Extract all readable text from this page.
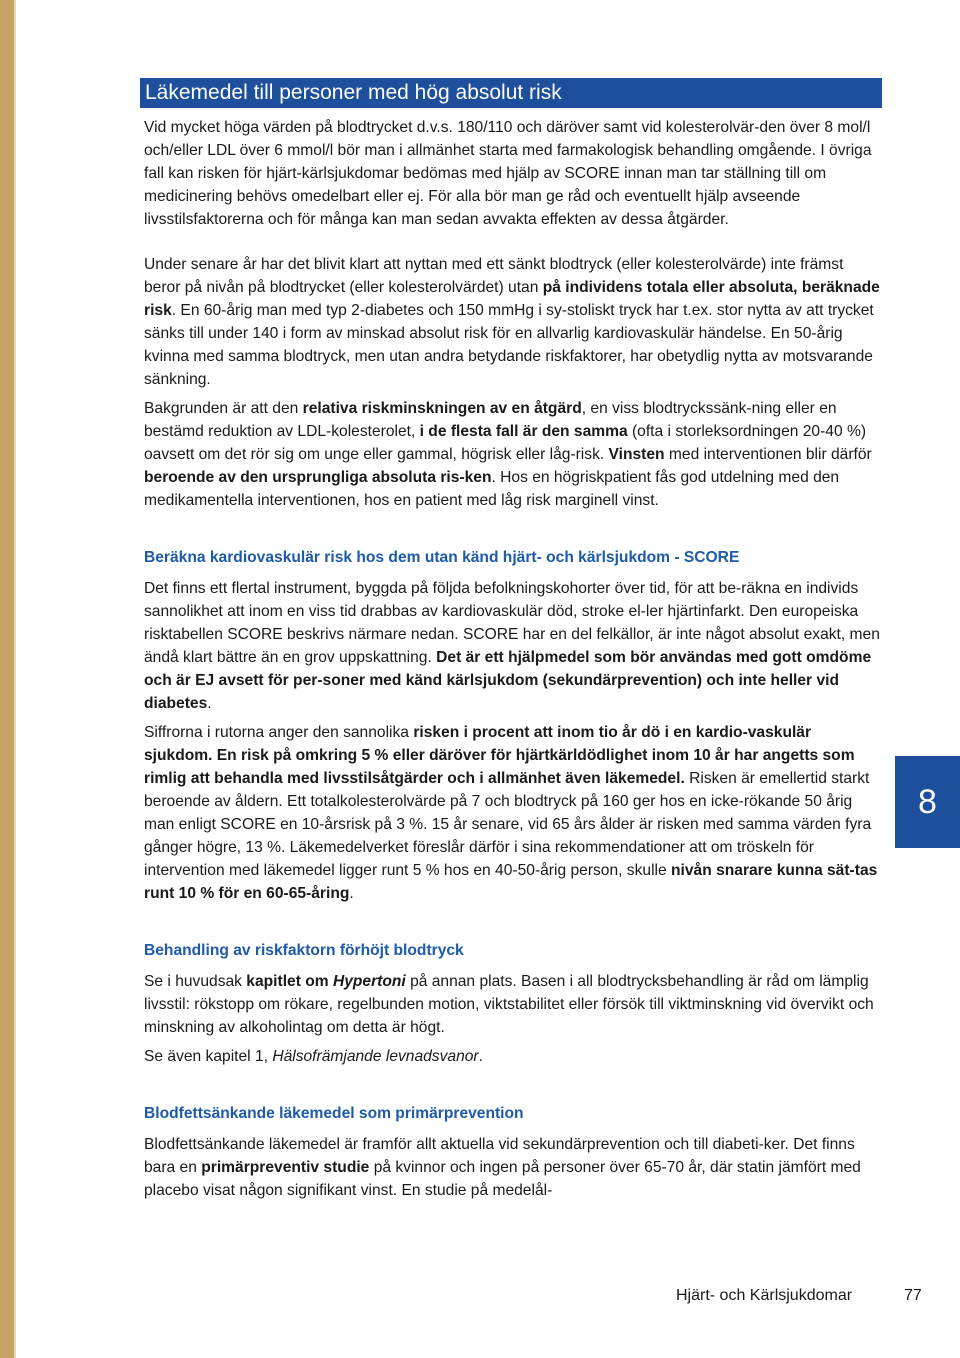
Läkemedel till personer med hög absolut risk

Vid mycket höga värden på blodtrycket d.v.s. 180/110 och däröver samt vid kolesterolvär-den över 8 mol/l och/eller LDL över 6 mmol/l bör man i allmänhet starta med farmakologisk behandling omgående. I övriga fall kan risken för hjärt-kärlsjukdomar bedömas med hjälp av SCORE innan man tar ställning till om medicinering behövs omedelbart eller ej. För alla bör man ge råd och eventuellt hjälp avseende livsstilsfaktorerna och för många kan man sedan avvakta effekten av dessa åtgärder.

Under senare år har det blivit klart att nyttan med ett sänkt blodtryck (eller kolesterolvärde) inte främst beror på nivån på blodtrycket (eller kolesterolvärdet) utan på individens totala eller absoluta, beräknade risk. En 60-årig man med typ 2-diabetes och 150 mmHg i sy-stoliskt tryck har t.ex. stor nytta av att trycket sänks till under 140 i form av minskad absolut risk för en allvarlig kardiovaskulär händelse. En 50-årig kvinna med samma blodtryck, men utan andra betydande riskfaktorer, har obetydlig nytta av motsvarande sänkning.

Bakgrunden är att den relativa riskminskningen av en åtgärd, en viss blodtryckssänk-ning eller en bestämd reduktion av LDL-kolesterolet, i de flesta fall är den samma (ofta i storleksordningen 20-40 %) oavsett om det rör sig om unge eller gammal, högrisk eller låg-risk. Vinsten med interventionen blir därför beroende av den ursprungliga absoluta ris-ken. Hos en högriskpatient fås god utdelning med den medikamentella interventionen, hos en patient med låg risk marginell vinst.

Beräkna kardiovaskulär risk hos dem utan känd hjärt- och kärlsjukdom - SCORE

Det finns ett flertal instrument, byggda på följda befolkningskohorter över tid, för att be-räkna en individs sannolikhet att inom en viss tid drabbas av kardiovaskulär död, stroke el-ler hjärtinfarkt. Den europeiska risktabellen SCORE beskrivs närmare nedan. SCORE har en del felkällor, är inte något absolut exakt, men ändå klart bättre än en grov uppskattning. Det är ett hjälpmedel som bör användas med gott omdöme och är EJ avsett för per-soner med känd kärlsjukdom (sekundärprevention) och inte heller vid diabetes.

Siffrorna i rutorna anger den sannolika risken i procent att inom tio år dö i en kardio-vaskulär sjukdom. En risk på omkring 5 % eller däröver för hjärtkärldödlighet inom 10 år har angetts som rimlig att behandla med livsstilsåtgärder och i allmänhet även läkemedel. Risken är emellertid starkt beroende av åldern. Ett totalkolesterolvärde på 7 och blodtryck på 160 ger hos en icke-rökande 50 årig man enligt SCORE en 10-årsrisk på 3 %. 15 år senare, vid 65 års ålder är risken med samma värden fyra gånger högre, 13 %. Läkemedelverket föreslår därför i sina rekommendationer att om tröskeln för intervention med läkemedel ligger runt 5 % hos en 40-50-årig person, skulle nivån snarare kunna sät-tas runt 10 % för en 60-65-åring.

Behandling av riskfaktorn förhöjt blodtryck

Se i huvudsak kapitlet om Hypertoni på annan plats. Basen i all blodtrycksbehandling är råd om lämplig livsstil: rökstopp om rökare, regelbunden motion, viktstabilitet eller försök till viktminskning vid övervikt och minskning av alkoholintag om detta är högt.

Se även kapitel 1, Hälsofrämjande levnadsvanor.

Blodfettsänkande läkemedel som primärprevention

Blodfettsänkande läkemedel är framför allt aktuella vid sekundärprevention och till diabeti-ker. Det finns bara en primärpreventiv studie på kvinnor och ingen på personer över 65-70 år, där statin jämfört med placebo visat någon signifikant vinst. En studie på medelål-

8
Hjärt- och Kärlsjukdomar	77
